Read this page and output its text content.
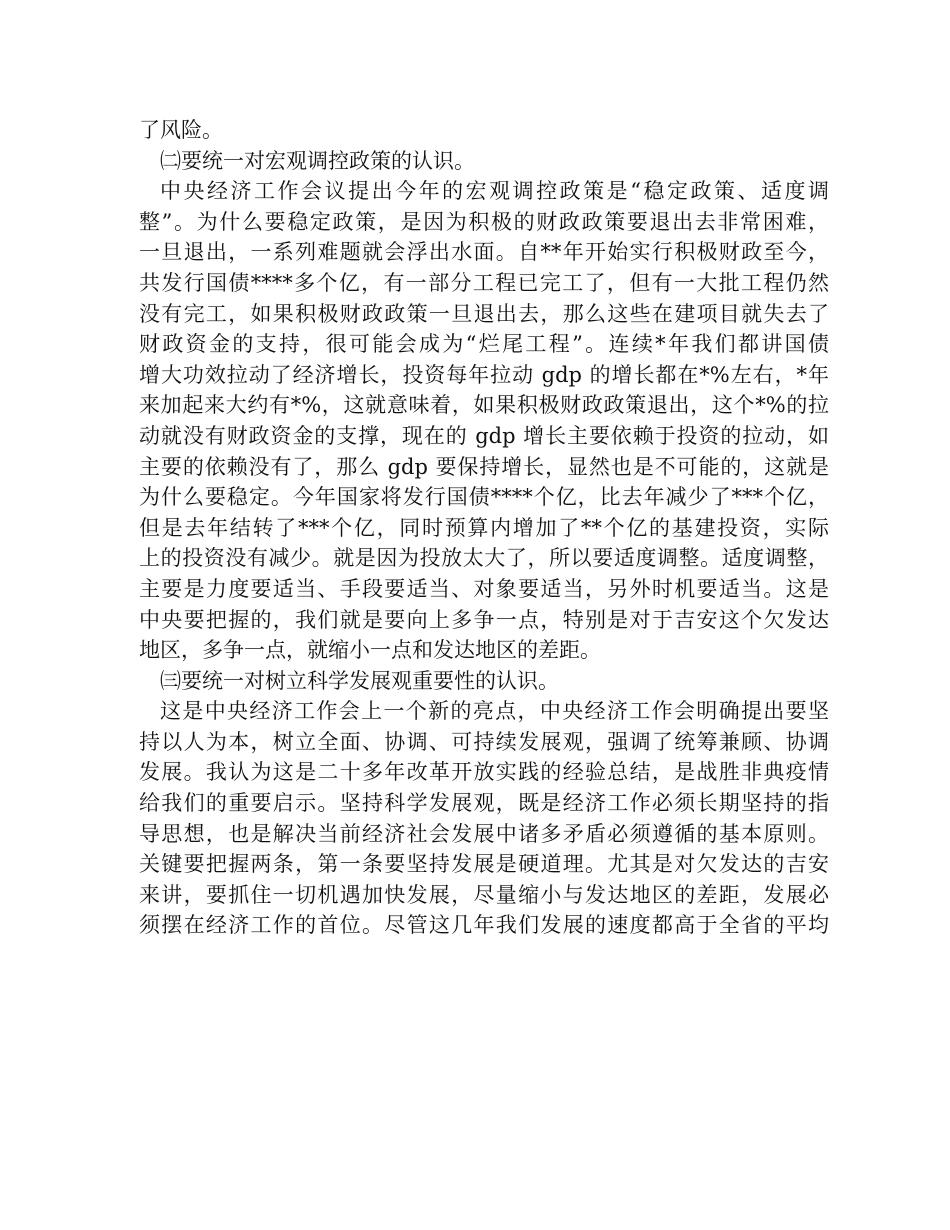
了风险。
㈡要统一对宏观调控政策的认识。
中央经济工作会议提出今年的宏观调控政策是“稳定政策、适度调
整”。为什么要稳定政策，是因为积极的财政政策要退出去非常困难，
一旦退出，一系列难题就会浮出水面。自**年开始实行积极财政至今，
共发行国债****多个亿，有一部分工程已完工了，但有一大批工程仍然
没有完工，如果积极财政政策一旦退出去，那么这些在建项目就失去了
财政资金的支持，很可能会成为“烂尾工程”。连续*年我们都讲国债
增大功效拉动了经济增长，投资每年拉动 gdp 的增长都在*%左右，*年
来加起来大约有*%，这就意味着，如果积极财政政策退出，这个*%的拉
动就没有财政资金的支撑，现在的 gdp 增长主要依赖于投资的拉动，如
主要的依赖没有了，那么 gdp 要保持增长，显然也是不可能的，这就是
为什么要稳定。今年国家将发行国债****个亿，比去年减少了***个亿，
但是去年结转了***个亿，同时预算内增加了**个亿的基建投资，实际
上的投资没有减少。就是因为投放太大了，所以要适度调整。适度调整，
主要是力度要适当、手段要适当、对象要适当，另外时机要适当。这是
中央要把握的，我们就是要向上多争一点，特别是对于吉安这个欠发达
地区，多争一点，就缩小一点和发达地区的差距。
㈢要统一对树立科学发展观重要性的认识。
这是中央经济工作会上一个新的亮点，中央经济工作会明确提出要坚
持以人为本，树立全面、协调、可持续发展观，强调了统筹兼顾、协调
发展。我认为这是二十多年改革开放实践的经验总结，是战胜非典疫情
给我们的重要启示。坚持科学发展观，既是经济工作必须长期坚持的指
导思想，也是解决当前经济社会发展中诸多矛盾必须遵循的基本原则。
关键要把握两条，第一条要坚持发展是硬道理。尤其是对欠发达的吉安
来讲，要抓住一切机遇加快发展，尽量缩小与发达地区的差距，发展必
须摆在经济工作的首位。尽管这几年我们发展的速度都高于全省的平均
